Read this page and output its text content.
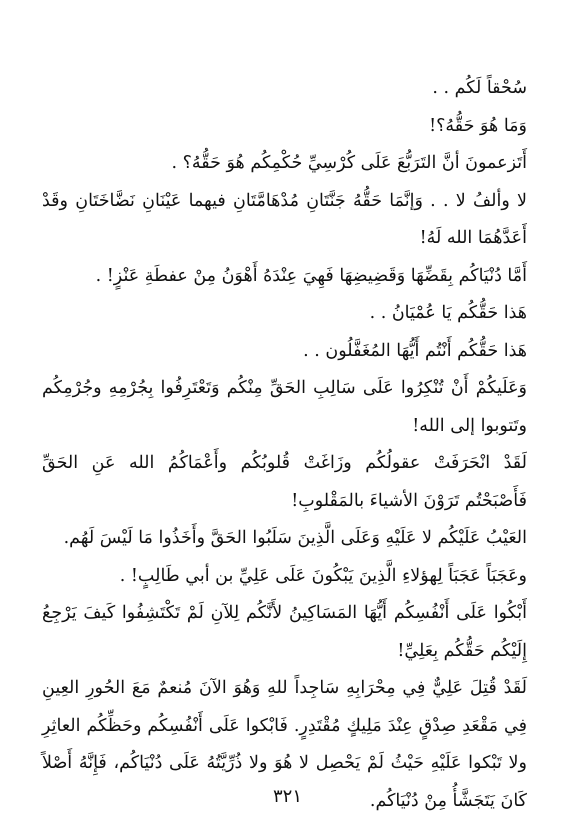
سُحْقاً لَكُم . .

وَمَا هُوَ حَقُّهُ؟!

أَتَزعمونَ أنَّ التَرَبُّعَ عَلَى كُرْسِيِّ حُكْمِكُم هُوَ حَقُّهُ؟ .

لا وألفُ لا . . وَإنَّمَا حَقُّهُ جَنَّتَانِ مُدْهَامَّتَانِ فيهما عَيْنَانِ نَضَّاخَتَانِ وقَدْ أَعَدَّهُمَا الله لَهُ!

أَمَّا دُنْيَاكُم بِقَضِّهَا وَقَضِيضِهَا فَهِيَ عِنْدَهُ أَهْوَنُ مِنْ عفطَةِ عَنْزٍ! .

هَذا حَقُّكُم يَا عُمْيَانُ . .

هَذا حَقُّكُم أَنْتُم أَيُّهَا المُغَفَّلُون . .

وَعَلَيكُمْ أَنْ تُنْكِرُوا عَلَى سَالِبِ الحَقِّ مِنْكُم وَتَعْتَرِفُوا بِجُرْمِهِ وجُرْمِكُم وتَتوبوا إلى الله!

لَقَدْ انْحَرَفَتْ عقولُكُم وزَاغَتْ قُلوبُكُم وأَعْمَاكُمُ الله عَنِ الحَقِّ فَأَصْبَحْتُم تَرَوْنَ الأشياءَ بالمَقْلوبِ!

العَيْبُ عَلَيْكُم لا عَلَيْهِ وَعَلَى الَّذِينَ سَلَبُوا الحَقَّ وأَخَذُوا مَا لَيْسَ لَهُم.

وعَجَبَاً عَجَبَاً لِهؤلاءِ الَّذِينَ يَبْكُونَ عَلَى عَلِيِّ بن أبي طَالِبٍ! .

أَبْكُوا عَلَى أَنْفُسِكُم أَيُّهَا المَسَاكِينُ لأَنَّكُم لِلآنِ لَمْ تَكْتَشِفُوا كَيفَ يَرْجِعُ إِلَيْكُم حَقُّكُم بِعَلِيِّ!

لَقَدْ قُتِلَ عَلِيٌّ فِي مِحْرَابِهِ سَاجِداً للهِ وَهُوَ الآنَ مُنعمٌ مَعَ الحُورِ العِينِ فِي مَقْعَدِ صِدْقٍ عِنْدَ مَلِيكٍ مُقْتَدِرٍ. فَابْكوا عَلَى أَنْفُسِكُم وحَظِّكُم العاثِرِ ولا تَبْكوا عَلَيْهِ حَيْثُ لَمْ يَحْصِل لا هُوَ ولا ذُرِّيَّتُهُ عَلَى دُنْيَاكُم، فَإِنَّهُ أَصْلاً كَانَ يَتَجَشَّأُ مِنْ دُنْيَاكُم.

٣٢١
